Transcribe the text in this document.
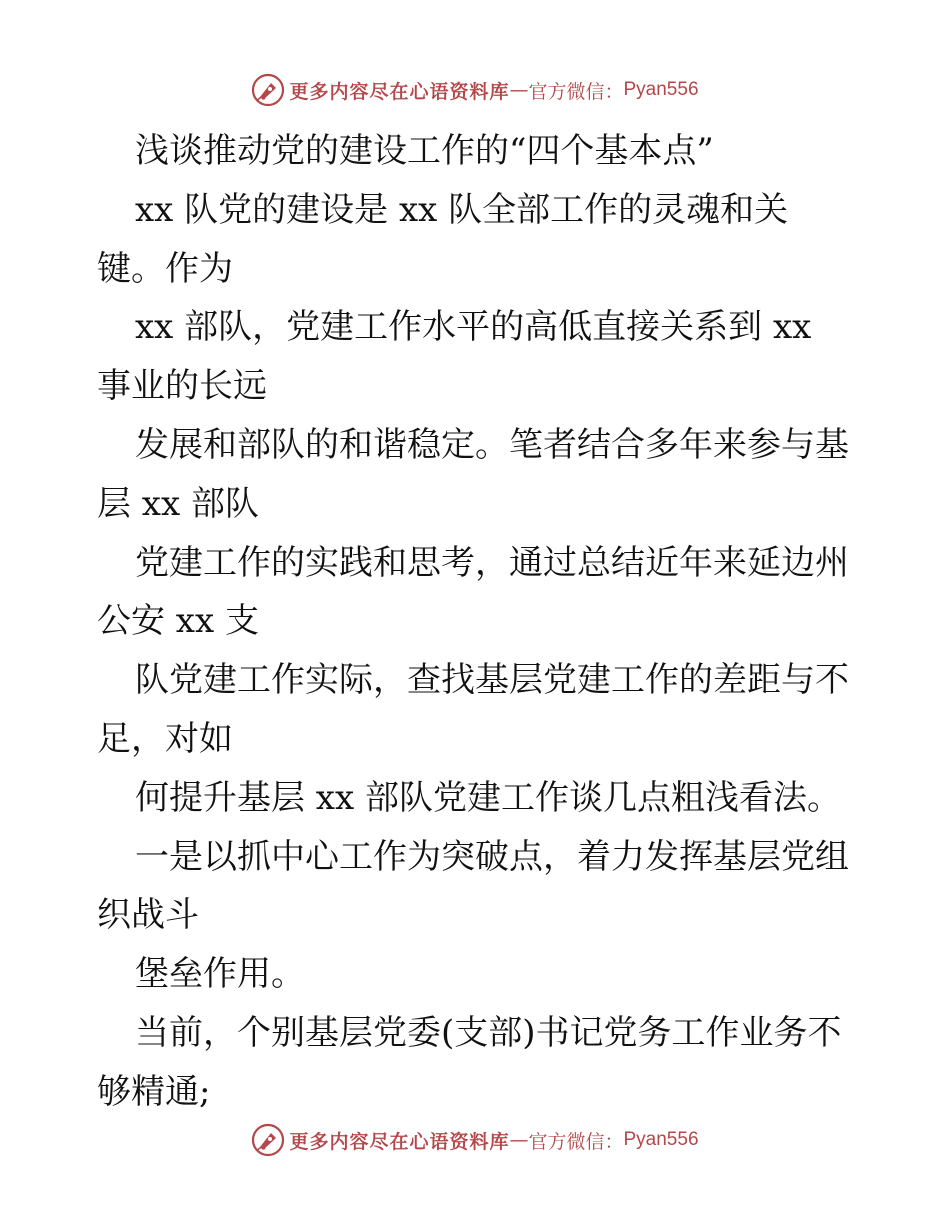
更多内容尽在心语资料库 — 官方微信： Pyan556
浅谈推动党的建设工作的“四个基本点”
xx 队党的建设是 xx 队全部工作的灵魂和关
键。作为
xx 部队，党建工作水平的高低直接关系到 xx
事业的长远
发展和部队的和谐稳定。笔者结合多年来参与基
层 xx 部队
党建工作的实践和思考，通过总结近年来延边州
公安 xx 支
队党建工作实际，查找基层党建工作的差距与不
足，对如
何提升基层 xx 部队党建工作谈几点粗浅看法。
一是以抓中心工作为突破点，着力发挥基层党组
织战斗
堡垒作用。
当前，个别基层党委(支部)书记党务工作业务不
够精通;
更多内容尽在心语资料库 — 官方微信： Pyan556
